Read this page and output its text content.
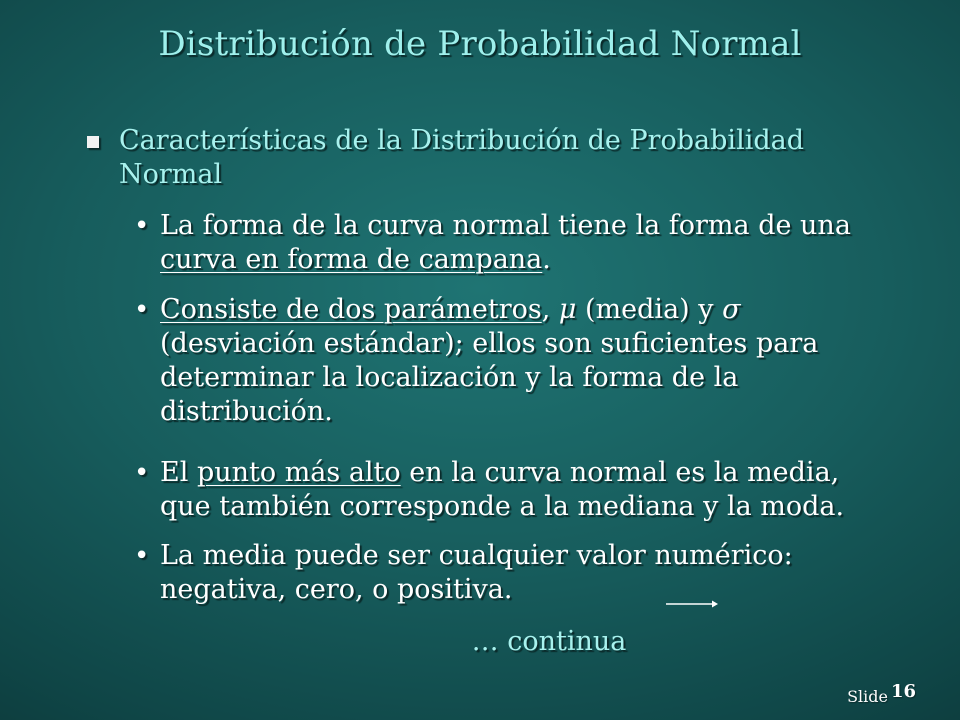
Distribución de Probabilidad Normal
Características de la Distribución de Probabilidad Normal
• La forma de la curva normal tiene la forma de una curva en forma de campana.
• Consiste de dos parámetros, μ (media) y σ (desviación estándar); ellos son suficientes para determinar la localización y la forma de la distribución.
• El punto más alto en la curva normal es la media, que también corresponde a la mediana y la moda.
• La media puede ser cualquier valor numérico: negativa, cero, o positiva.
… continua
Slide 16
